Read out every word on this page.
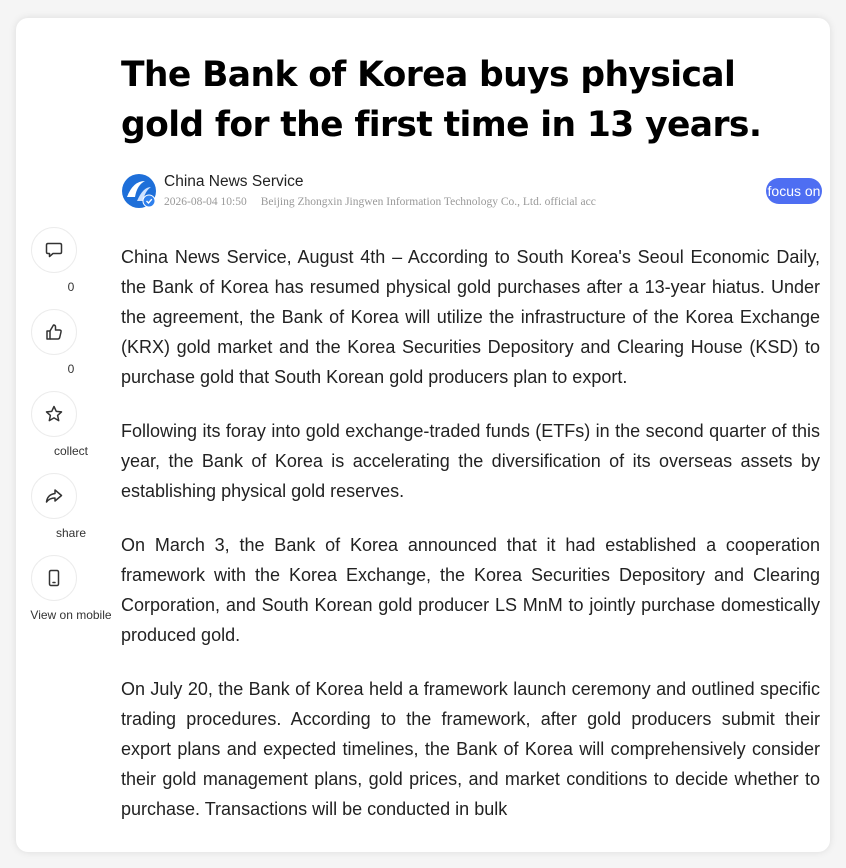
The Bank of Korea buys physical gold for the first time in 13 years.
China News Service
2026-08-04 10:50 Beijing Zhongxin Jingwen Information Technology Co., Ltd. official acc
focus on
0
0
collect
share
View on mobile

China News Service, August 4th – According to South Korea's Seoul Economic Daily, the Bank of Korea has resumed physical gold purchases after a 13-year hiatus. Under the agreement, the Bank of Korea will utilize the infrastructure of the Korea Exchange (KRX) gold market and the Korea Securities Depository and Clearing House (KSD) to purchase gold that South Korean gold producers plan to export.

Following its foray into gold exchange-traded funds (ETFs) in the second quarter of this year, the Bank of Korea is accelerating the diversification of its overseas assets by establishing physical gold reserves.

On March 3, the Bank of Korea announced that it had established a cooperation framework with the Korea Exchange, the Korea Securities Depository and Clearing Corporation, and South Korean gold producer LS MnM to jointly purchase domestically produced gold.

On July 20, the Bank of Korea held a framework launch ceremony and outlined specific trading procedures. According to the framework, after gold producers submit their export plans and expected timelines, the Bank of Korea will comprehensively consider their gold management plans, gold prices, and market conditions to decide whether to purchase. Transactions will be conducted in bulk
